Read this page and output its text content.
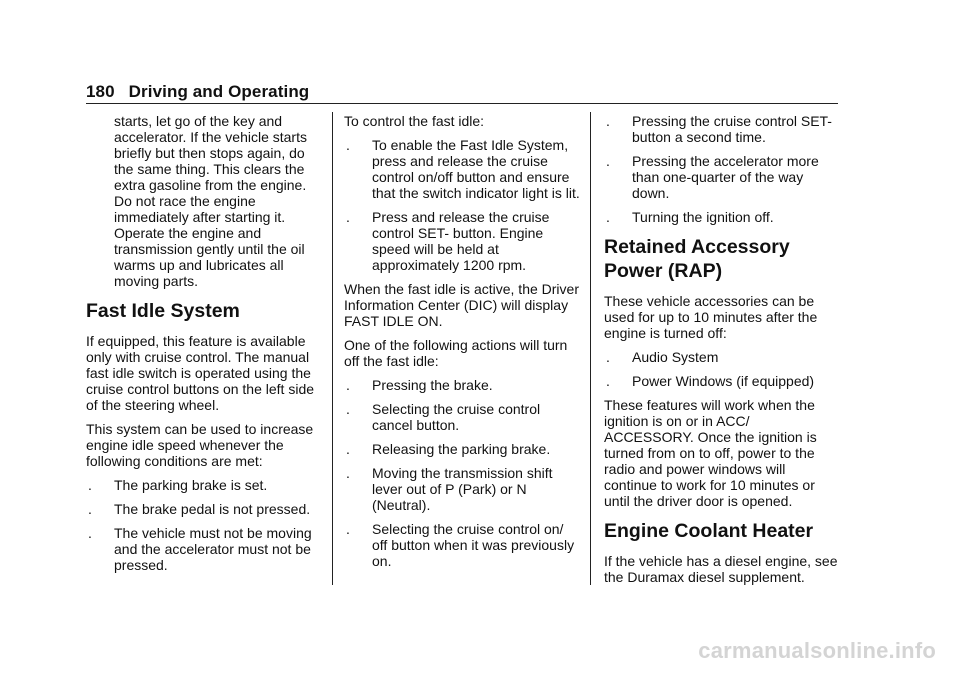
180 Driving and Operating

starts, let go of the key and accelerator. If the vehicle starts briefly but then stops again, do the same thing. This clears the extra gasoline from the engine. Do not race the engine immediately after starting it. Operate the engine and transmission gently until the oil warms up and lubricates all moving parts.

Fast Idle System

If equipped, this feature is available only with cruise control. The manual fast idle switch is operated using the cruise control buttons on the left side of the steering wheel.

This system can be used to increase engine idle speed whenever the following conditions are met:

. The parking brake is set.
. The brake pedal is not pressed.
. The vehicle must not be moving and the accelerator must not be pressed.

To control the fast idle:

. To enable the Fast Idle System, press and release the cruise control on/off button and ensure that the switch indicator light is lit.
. Press and release the cruise control SET- button. Engine speed will be held at approximately 1200 rpm.

When the fast idle is active, the Driver Information Center (DIC) will display FAST IDLE ON.

One of the following actions will turn off the fast idle:

. Pressing the brake.
. Selecting the cruise control cancel button.
. Releasing the parking brake.
. Moving the transmission shift lever out of P (Park) or N (Neutral).
. Selecting the cruise control on/ off button when it was previously on.
. Pressing the cruise control SET- button a second time.
. Pressing the accelerator more than one-quarter of the way down.
. Turning the ignition off.
Retained Accessory Power (RAP)

These vehicle accessories can be used for up to 10 minutes after the engine is turned off:

. Audio System
. Power Windows (if equipped)

These features will work when the ignition is on or in ACC/ ACCESSORY. Once the ignition is turned from on to off, power to the radio and power windows will continue to work for 10 minutes or until the driver door is opened.

Engine Coolant Heater

If the vehicle has a diesel engine, see the Duramax diesel supplement.

carmanualsonline.info
